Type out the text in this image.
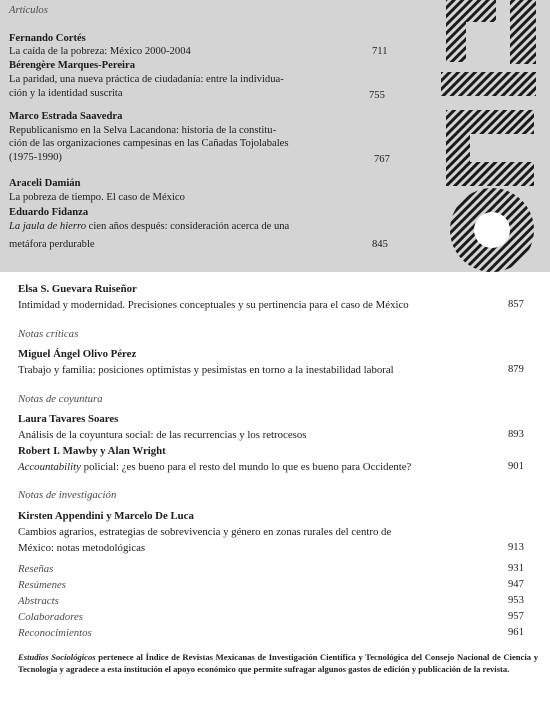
Artículos
Fernando Cortés
La caída de la pobreza: México 2000-2004	711
Bérengère Marques-Pereira
La paridad, una nueva práctica de ciudadanía: entre la individua-
ción y la identidad suscrita	755
Marco Estrada Saavedra
Republicanismo en la Selva Lacandona: historia de la constitu-
ción de las organizaciones campesinas en las Cañadas Tojolabales
(1975-1990)	767
Araceli Damián
La pobreza de tiempo. El caso de México
Eduardo Fidanza
La jaula de hierro cien años después: consideración acerca de una
metáfora perdurable	845
Elsa S. Guevara Ruiseñor
Intimidad y modernidad. Precisiones conceptuales y su pertinencia para el caso de México	857
Notas críticas
Miguel Ángel Olivo Pérez
Trabajo y familia: posiciones optimistas y pesimistas en torno a la inestabilidad laboral	879
Notas de coyuntura
Laura Tavares Soares
Análisis de la coyuntura social: de las recurrencias y los retrocesos	893
Robert I. Mawby y Alan Wright
Accountability policial: ¿es bueno para el resto del mundo lo que es bueno para Occidente?	901
Notas de investigación
Kirsten Appendini y Marcelo De Luca
Cambios agrarios, estrategias de sobrevivencia y género en zonas rurales del centro de
México: notas metodológicas	913
Reseñas	931
Resúmenes	947
Abstracts	953
Colaboradores	957
Reconocimientos	961
Estudios Sociológicos pertenece al Índice de Revistas Mexicanas de Investigación Científica y Tecnológica del Consejo Nacional de Ciencia y Tecnología y agradece a esta institución el apoyo económico que permite sufragar algunos gastos de edición y publicación de la revista.
